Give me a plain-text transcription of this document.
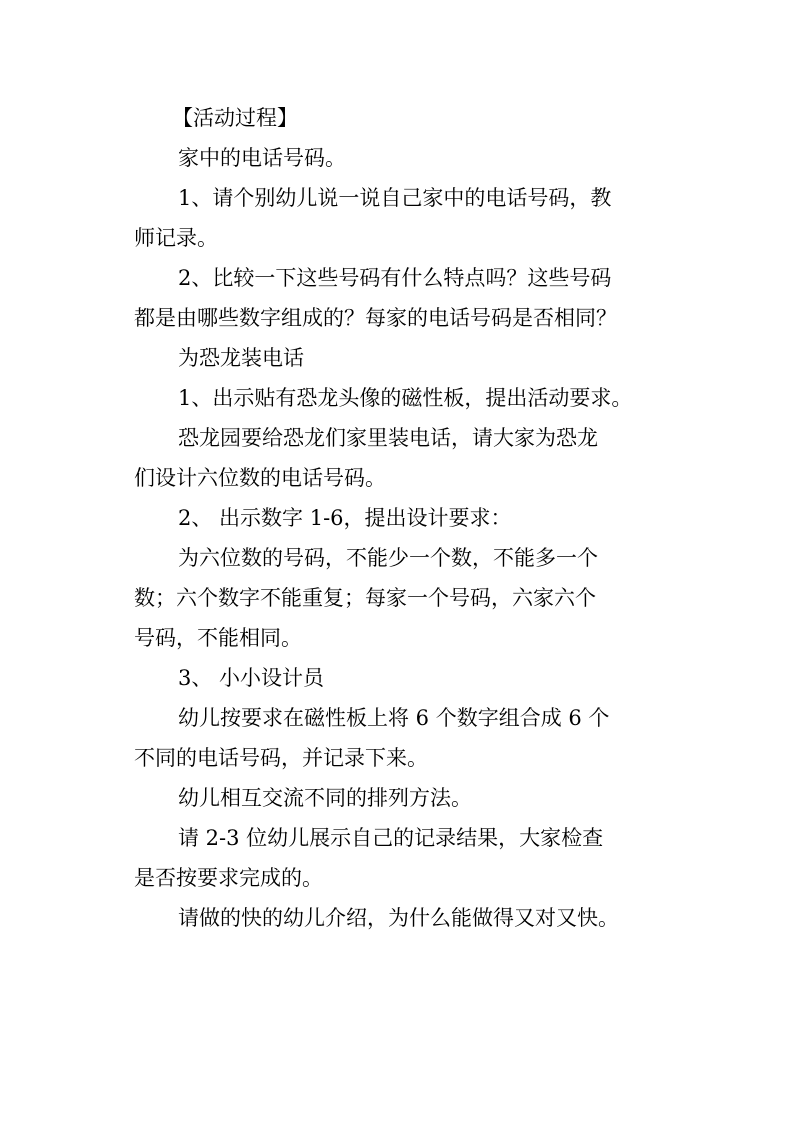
【活动过程】
家中的电话号码。
1、请个别幼儿说一说自己家中的电话号码，教
师记录。
2、比较一下这些号码有什么特点吗？这些号码
都是由哪些数字组成的？每家的电话号码是否相同？
为恐龙装电话
1、出示贴有恐龙头像的磁性板，提出活动要求。
恐龙园要给恐龙们家里装电话，请大家为恐龙
们设计六位数的电话号码。
2、 出示数字 1-6，提出设计要求：
为六位数的号码，不能少一个数，不能多一个
数；六个数字不能重复；每家一个号码，六家六个
号码，不能相同。
3、 小小设计员
幼儿按要求在磁性板上将 6 个数字组合成 6 个
不同的电话号码，并记录下来。
幼儿相互交流不同的排列方法。
请 2-3 位幼儿展示自己的记录结果，大家检查
是否按要求完成的。
请做的快的幼儿介绍，为什么能做得又对又快。
